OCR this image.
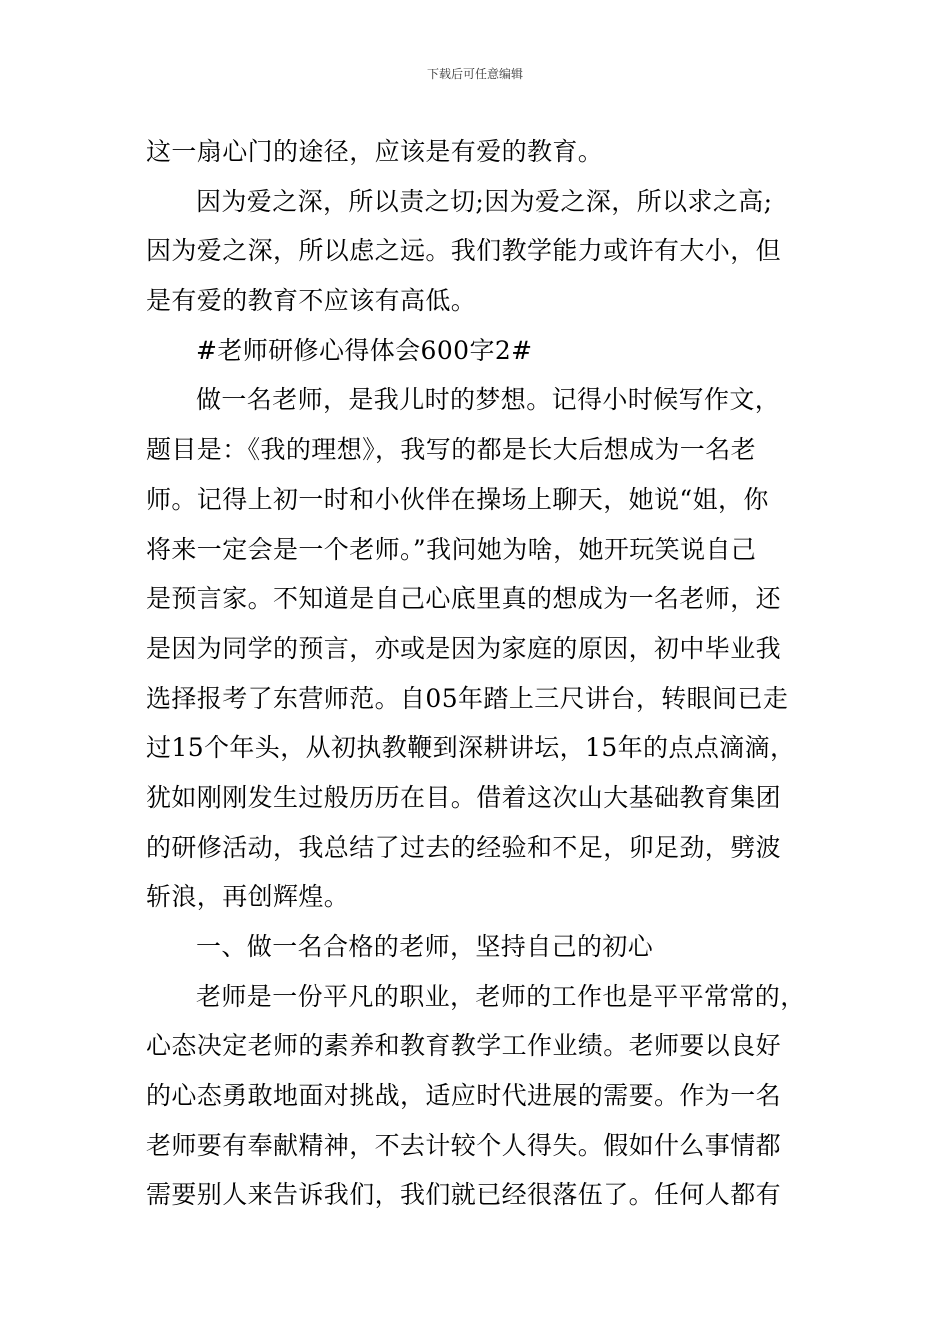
下载后可任意编辑
这一扇心门的途径，应该是有爱的教育。
因为爱之深，所以责之切;因为爱之深，所以求之高;
因为爱之深，所以虑之远。我们教学能力或许有大小，但
是有爱的教育不应该有高低。
#老师研修心得体会600字2#
做一名老师，是我儿时的梦想。记得小时候写作文，
题目是：《我的理想》，我写的都是长大后想成为一名老
师。记得上初一时和小伙伴在操场上聊天，她说“姐，你
将来一定会是一个老师。”我问她为啥，她开玩笑说自己
是预言家。不知道是自己心底里真的想成为一名老师，还
是因为同学的预言，亦或是因为家庭的原因，初中毕业我
选择报考了东营师范。自05年踏上三尺讲台，转眼间已走
过15个年头，从初执教鞭到深耕讲坛，15年的点点滴滴，
犹如刚刚发生过般历历在目。借着这次山大基础教育集团
的研修活动，我总结了过去的经验和不足，卯足劲，劈波
斩浪，再创辉煌。
一、做一名合格的老师，坚持自己的初心
老师是一份平凡的职业，老师的工作也是平平常常的，
心态决定老师的素养和教育教学工作业绩。老师要以良好
的心态勇敢地面对挑战，适应时代进展的需要。作为一名
老师要有奉献精神，不去计较个人得失。假如什么事情都
需要别人来告诉我们，我们就已经很落伍了。任何人都有
